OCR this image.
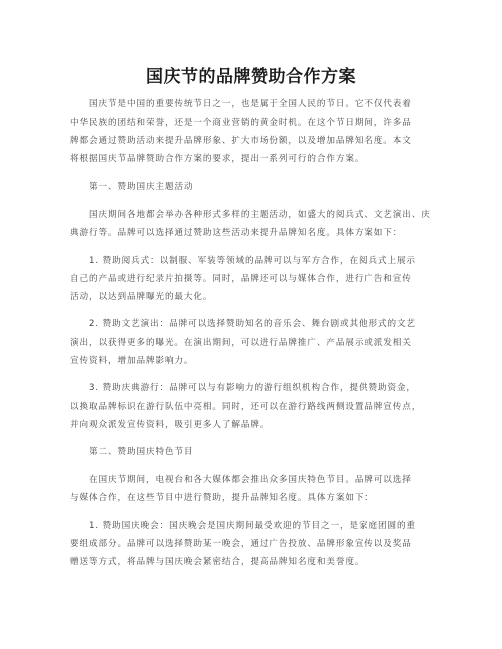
国庆节的品牌赞助合作方案
国庆节是中国的重要传统节日之一，也是属于全国人民的节日。它不仅代表着
中华民族的团结和荣誉，还是一个商业营销的黄金时机。在这个节日期间，许多品
牌都会通过赞助活动来提升品牌形象、扩大市场份额，以及增加品牌知名度。本文
将根据国庆节品牌赞助合作方案的要求，提出一系列可行的合作方案。
第一、赞助国庆主题活动
国庆期间各地都会举办各种形式多样的主题活动，如盛大的阅兵式、文艺演出、庆
典游行等。品牌可以选择通过赞助这些活动来提升品牌知名度。具体方案如下：
1. 赞助阅兵式：以制服、军装等领域的品牌可以与军方合作，在阅兵式上展示
自己的产品或进行纪录片拍摄等。同时，品牌还可以与媒体合作，进行广告和宣传
活动，以达到品牌曝光的最大化。
2. 赞助文艺演出：品牌可以选择赞助知名的音乐会、舞台剧或其他形式的文艺
演出，以获得更多的曝光。在演出期间，可以进行品牌推广、产品展示或派发相关
宣传资料，增加品牌影响力。
3. 赞助庆典游行：品牌可以与有影响力的游行组织机构合作，提供赞助资金，
以换取品牌标识在游行队伍中亮相。同时，还可以在游行路线两侧设置品牌宣传点，
并向观众派发宣传资料，吸引更多人了解品牌。
第二、赞助国庆特色节目
在国庆节期间，电视台和各大媒体都会推出众多国庆特色节目。品牌可以选择
与媒体合作，在这些节目中进行赞助，提升品牌知名度。具体方案如下：
1. 赞助国庆晚会：国庆晚会是国庆期间最受欢迎的节目之一，是家庭团圆的重
要组成部分。品牌可以选择赞助某一晚会，通过广告投放、品牌形象宣传以及奖品
赠送等方式，将品牌与国庆晚会紧密结合，提高品牌知名度和美誉度。
